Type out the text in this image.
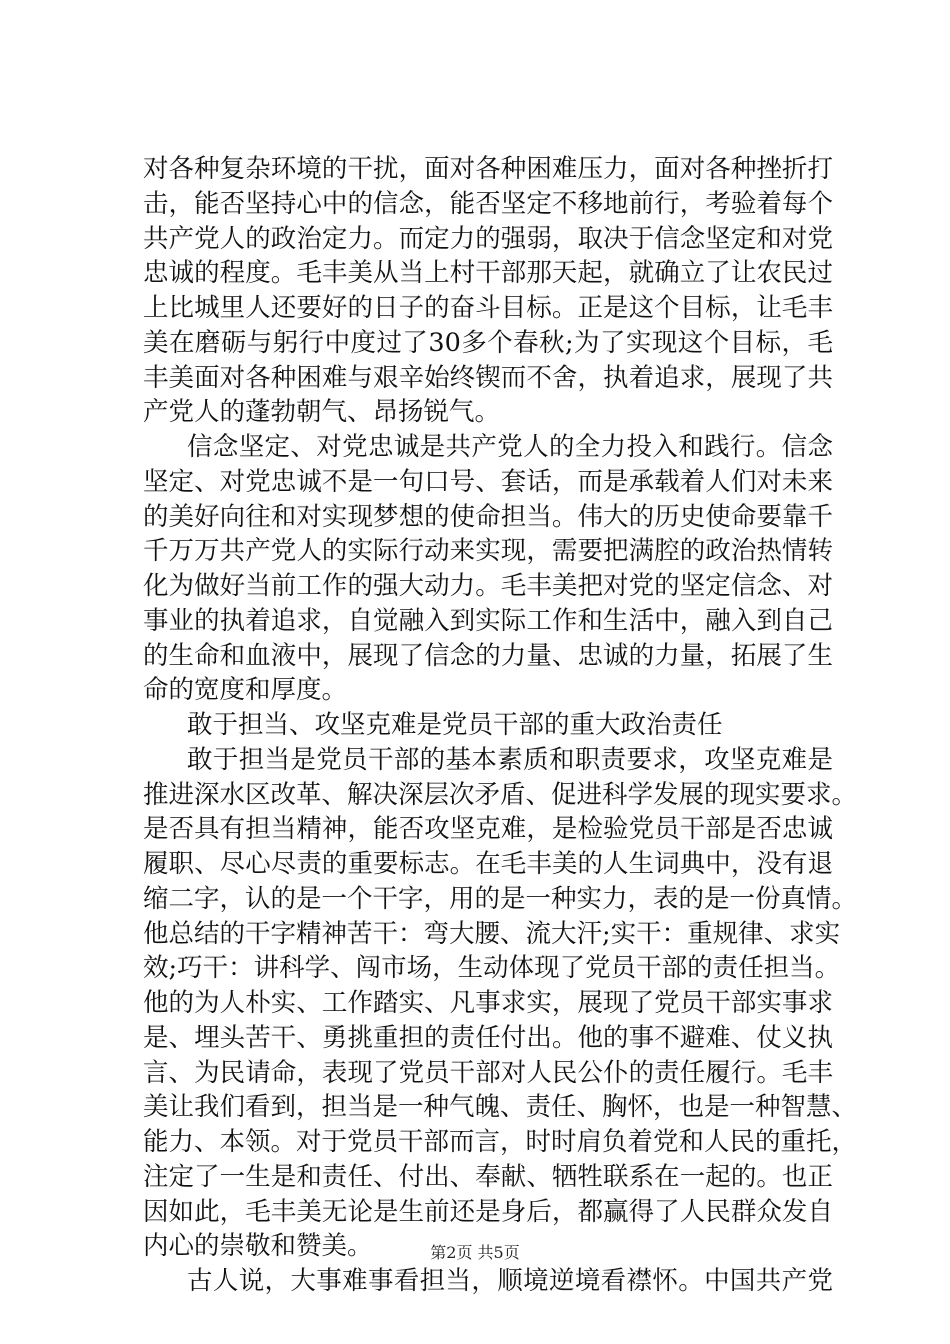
对各种复杂环境的干扰，面对各种困难压力，面对各种挫折打
击，能否坚持心中的信念，能否坚定不移地前行，考验着每个
共产党人的政治定力。而定力的强弱，取决于信念坚定和对党
忠诚的程度。毛丰美从当上村干部那天起，就确立了让农民过
上比城里人还要好的日子的奋斗目标。正是这个目标，让毛丰
美在磨砺与躬行中度过了30多个春秋;为了实现这个目标，毛
丰美面对各种困难与艰辛始终锲而不舍，执着追求，展现了共
产党人的蓬勃朝气、昂扬锐气。
信念坚定、对党忠诚是共产党人的全力投入和践行。信念
坚定、对党忠诚不是一句口号、套话，而是承载着人们对未来
的美好向往和对实现梦想的使命担当。伟大的历史使命要靠千
千万万共产党人的实际行动来实现，需要把满腔的政治热情转
化为做好当前工作的强大动力。毛丰美把对党的坚定信念、对
事业的执着追求，自觉融入到实际工作和生活中，融入到自己
的生命和血液中，展现了信念的力量、忠诚的力量，拓展了生
命的宽度和厚度。
敢于担当、攻坚克难是党员干部的重大政治责任
敢于担当是党员干部的基本素质和职责要求，攻坚克难是
推进深水区改革、解决深层次矛盾、促进科学发展的现实要求。
是否具有担当精神，能否攻坚克难，是检验党员干部是否忠诚
履职、尽心尽责的重要标志。在毛丰美的人生词典中，没有退
缩二字，认的是一个干字，用的是一种实力，表的是一份真情。
他总结的干字精神苦干：弯大腰、流大汗;实干：重规律、求实
效;巧干：讲科学、闯市场，生动体现了党员干部的责任担当。
他的为人朴实、工作踏实、凡事求实，展现了党员干部实事求
是、埋头苦干、勇挑重担的责任付出。他的事不避难、仗义执
言、为民请命，表现了党员干部对人民公仆的责任履行。毛丰
美让我们看到，担当是一种气魄、责任、胸怀，也是一种智慧、
能力、本领。对于党员干部而言，时时肩负着党和人民的重托，
注定了一生是和责任、付出、奉献、牺牲联系在一起的。也正
因如此，毛丰美无论是生前还是身后，都赢得了人民群众发自
内心的崇敬和赞美。
古人说，大事难事看担当，顺境逆境看襟怀。中国共产党
第2页 共5页
